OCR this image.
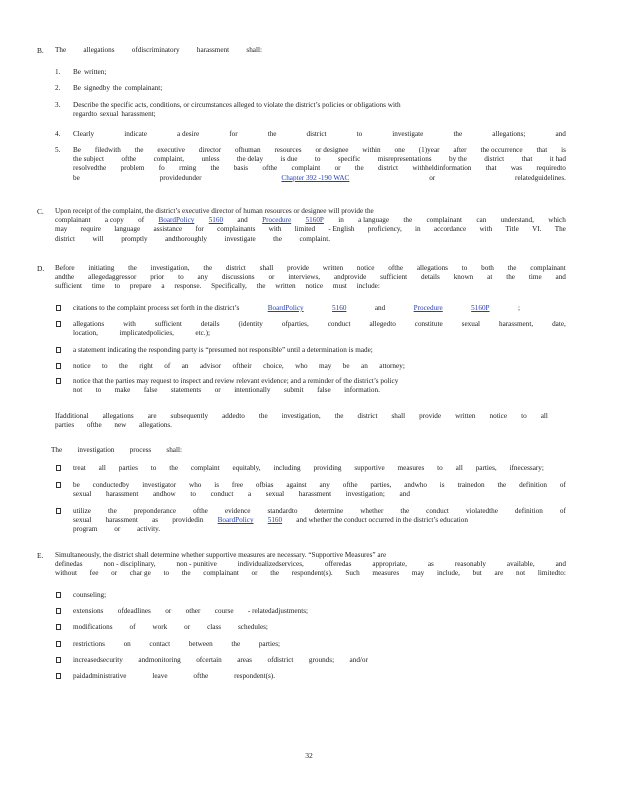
B. The allegations ofdiscriminatory harassment shall:
1. Be written;
2. Be signedby the complainant;
3. Describe the specific acts, conditions, or circumstances alleged to violate the district’s policies or obligations with
regardto sexual harassment;
4. Clearly	indicate	a desire	for	the	district	to	investigate	the	allegations;	and
5. Be filedwith the executive director ofhuman resources or designee within one (1)year after the occurrence that is
the subject ofthe complaint, unless the delay is due to specific misrepresentations by the district that it had
resolvedthe problem fo rming the basis ofthe complaint or the district withheldinformation that was requiredto
be	providedunder	Chapter 392 -190 WAC	or	relatedguidelines.
C. Upon receipt of the complaint, the district’s executive director of human resources or designee will provide the
complainant a copy of BoardPolicy 5160 and Procedure 5160P in a language the complainant can understand, which
may require language assistance for complainants with limited - English proficiency, in accordance with Title VI. The
district will promptly andthoroughly investigate the complaint.
D. Before initiating the investigation, the district shall provide written notice ofthe allegations to both the complainant
andthe allegedaggressor prior to any discussions or interviews, andprovide sufficient details known at the time and
sufficient time to prepare a response. Specifically, the written notice must include:
citations to the complaint process set forth in the district’s	BoardPolicy	5160	and	Procedure	5160P	;
allegations	with	sufficient	details	(identity	ofparties,	conduct	allegedto	constitute	sexual	harassment,	date,
location,	implicatedpolicies,	etc.);
a statement indicating the responding party is “presumed not responsible” until a determination is made;
notice to the right of an advisor oftheir choice, who may be an attorney;
notice that the parties may request to inspect and review relevant evidence; and a reminder of the district’s policy
not to make false statements or intentionally submit false information.
Ifadditional allegations are subsequently addedto the investigation, the district shall provide written notice to all
parties ofthe new allegations.
The investigation process shall:
treat all parties to the complaint equitably, including providing supportive measures to all parties, ifnecessary;
be conductedby investigator who is free ofbias against any ofthe parties, andwho is trainedon the definition of
sexual harassment andhow to conduct a sexual harassment investigation; and
utilize the preponderance ofthe evidence standardto determine whether the conduct violatedthe definition of
sexual harassment as providedin BoardPolicy 5160 and whether the conduct occurred in the district’s education
program or activity.
E. Simultaneously, the district shall determine whether supportive measures are necessary. “Supportive Measures” are
definedas	non - disciplinary,	non - punitive	individualizedservices,	offeredas	appropriate,	as	reasonably	available,	and
without fee or char ge to the complainant or the respondent(s). Such measures may include, but are not limitedto:
counseling;
extensions ofdeadlines or other course - relatedadjustments;
modifications of work or class schedules;
restrictions	on	contact	between	the	parties;
increasedsecurity andmonitoring ofcertain areas ofdistrict grounds; and/or
paidadministrative	leave	ofthe	respondent(s).
32
